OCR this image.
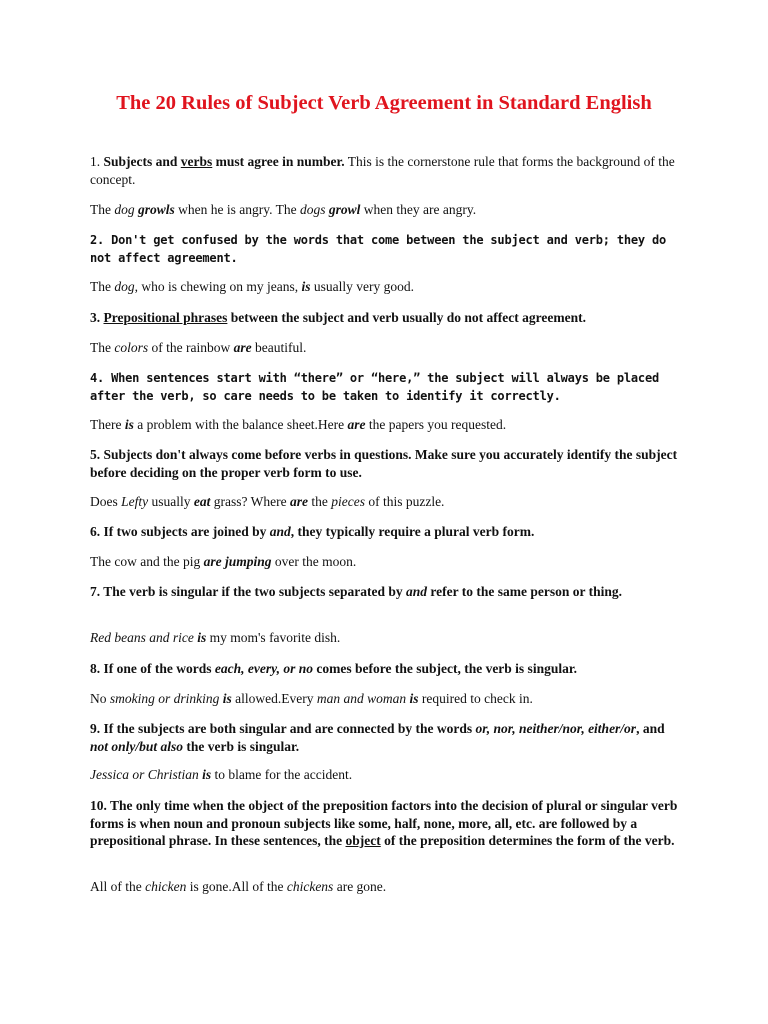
The 20 Rules of Subject Verb Agreement in Standard English
1. Subjects and verbs must agree in number. This is the cornerstone rule that forms the background of the concept.
The dog growls when he is angry. The dogs growl when they are angry.
2. Don't get confused by the words that come between the subject and verb; they do not affect agreement.
The dog, who is chewing on my jeans, is usually very good.
3. Prepositional phrases between the subject and verb usually do not affect agreement.
The colors of the rainbow are beautiful.
4. When sentences start with “there” or “here,” the subject will always be placed after the verb, so care needs to be taken to identify it correctly.
There is a problem with the balance sheet.Here are the papers you requested.
5. Subjects don't always come before verbs in questions. Make sure you accurately identify the subject before deciding on the proper verb form to use.
Does Lefty usually eat grass? Where are the pieces of this puzzle.
6. If two subjects are joined by and, they typically require a plural verb form.
The cow and the pig are jumping over the moon.
7. The verb is singular if the two subjects separated by and refer to the same person or thing.
Red beans and rice is my mom's favorite dish.
8. If one of the words each, every, or no comes before the subject, the verb is singular.
No smoking or drinking is allowed.Every man and woman is required to check in.
9. If the subjects are both singular and are connected by the words or, nor, neither/nor, either/or, and not only/but also the verb is singular.
Jessica or Christian is to blame for the accident.
10. The only time when the object of the preposition factors into the decision of plural or singular verb forms is when noun and pronoun subjects like some, half, none, more, all, etc. are followed by a prepositional phrase. In these sentences, the object of the preposition determines the form of the verb.
All of the chicken is gone.All of the chickens are gone.
